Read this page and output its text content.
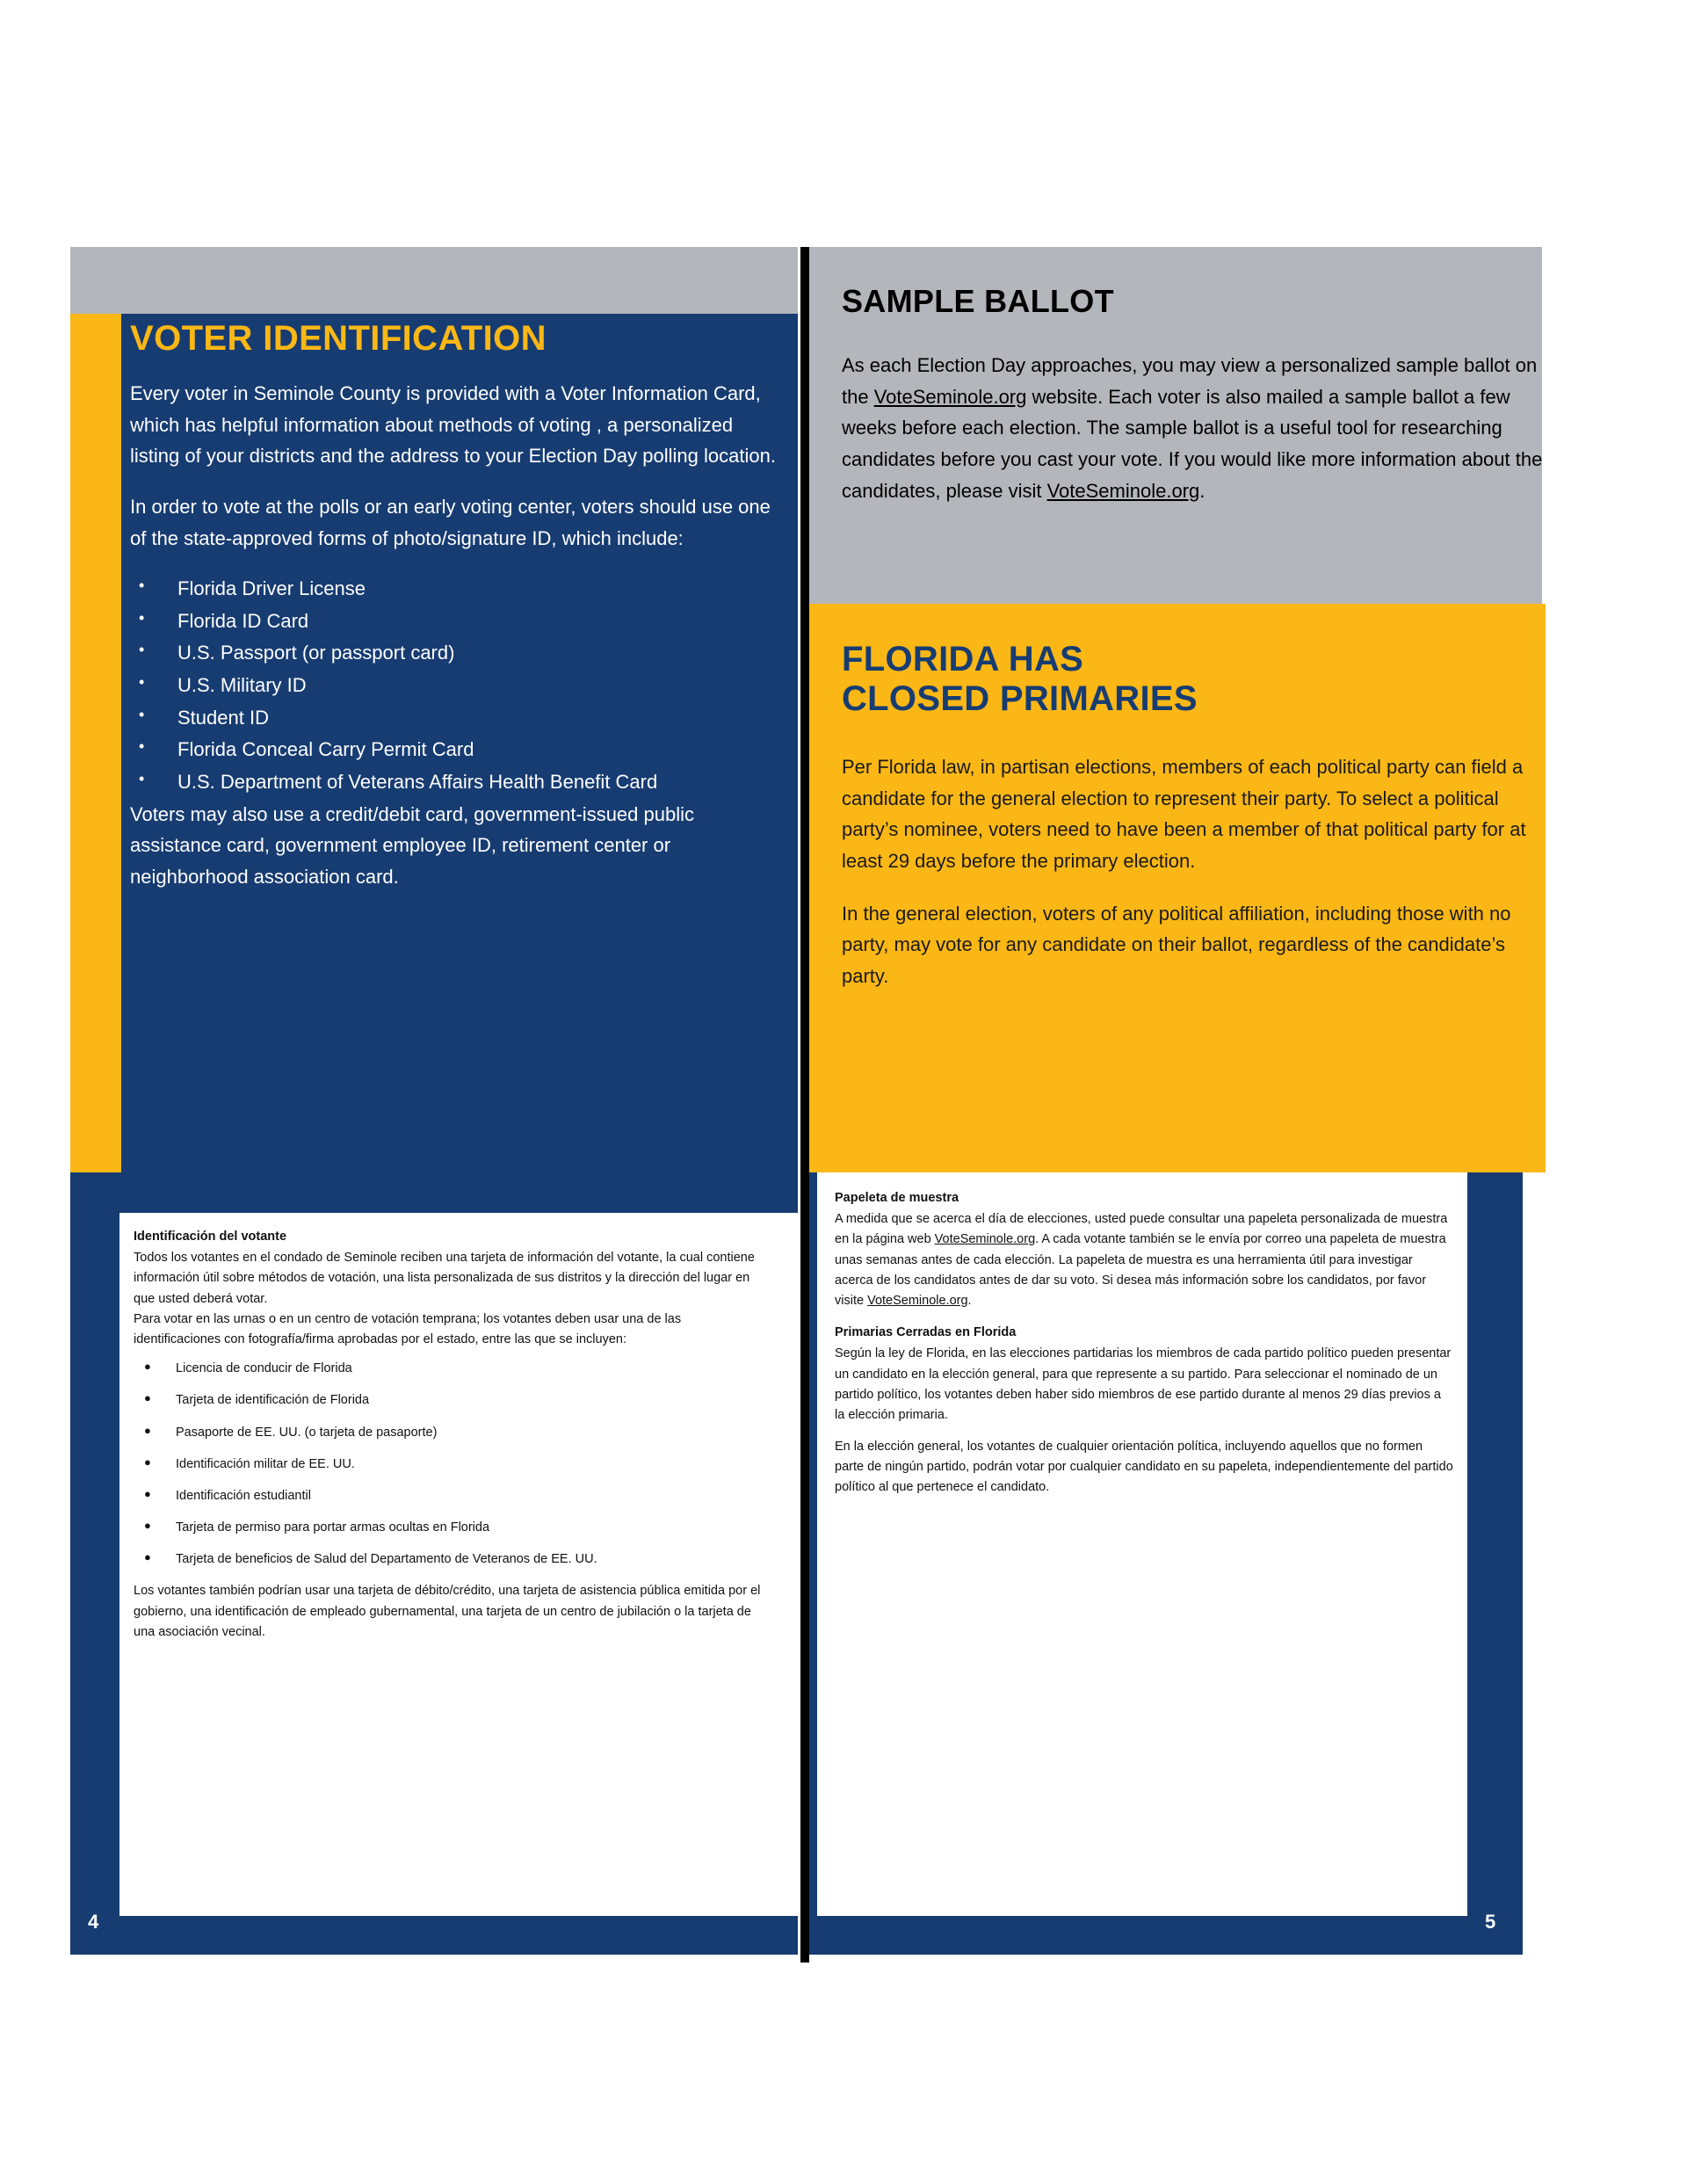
VOTER IDENTIFICATION

Every voter in Seminole County is provided with a Voter Information Card, which has helpful information about methods of voting , a personalized listing of your districts and the address to your Election Day polling location.

In order to vote at the polls or an early voting center, voters should use one of the state-approved forms of photo/signature ID, which include:

• Florida Driver License
• Florida ID Card
• U.S. Passport (or passport card)
• U.S. Military ID
• Student ID
• Florida Conceal Carry Permit Card
• U.S. Department of Veterans Affairs Health Benefit Card

Voters may also use a credit/debit card, government-issued public assistance card, government employee ID, retirement center or neighborhood association card.

Identificación del votante

Todos los votantes en el condado de Seminole reciben una tarjeta de información del votante, la cual contiene información útil sobre métodos de votación, una lista personalizada de sus distritos y la dirección del lugar en que usted deberá votar.

Para votar en las urnas o en un centro de votación temprana; los votantes deben usar una de las identificaciones con fotografía/firma aprobadas por el estado, entre las que se incluyen:

● Licencia de conducir de Florida
● Tarjeta de identificación de Florida
● Pasaporte de EE. UU. (o tarjeta de pasaporte)
● Identificación militar de EE. UU.
● Identificación estudiantil
● Tarjeta de permiso para portar armas ocultas en Florida
● Tarjeta de beneficios de Salud del Departamento de Veteranos de EE. UU.

Los votantes también podrían usar una tarjeta de débito/crédito, una tarjeta de asistencia pública emitida por el gobierno, una identificación de empleado gubernamental, una tarjeta de un centro de jubilación o la tarjeta de una asociación vecinal.

4
SAMPLE BALLOT
As each Election Day approaches, you may view a personalized sample ballot on the VoteSeminole.org website. Each voter is also mailed a sample ballot a few weeks before each election. The sample ballot is a useful tool for researching candidates before you cast your vote. If you would like more information about the candidates, please visit VoteSeminole.org.
FLORIDA HAS
CLOSED PRIMARIES

Per Florida law, in partisan elections, members of each political party can field a candidate for the general election to represent their party. To select a political party’s nominee, voters need to have been a member of that political party for at least 29 days before the primary election.

In the general election, voters of any political affiliation, including those with no party, may vote for any candidate on their ballot, regardless of the candidate’s party.

Papeleta de muestra

A medida que se acerca el día de elecciones, usted puede consultar una papeleta personalizada de muestra en la página web VoteSeminole.org. A cada votante también se le envía por correo una papeleta de muestra unas semanas antes de cada elección. La papeleta de muestra es una herramienta útil para investigar acerca de los candidatos antes de dar su voto. Si desea más información sobre los candidatos, por favor visite VoteSeminole.org.

Primarias Cerradas en Florida

Según la ley de Florida, en las elecciones partidarias los miembros de cada partido político pueden presentar un candidato en la elección general, para que represente a su partido. Para seleccionar el nominado de un partido político, los votantes deben haber sido miembros de ese partido durante al menos 29 días previos a la elección primaria.

En la elección general, los votantes de cualquier orientación política, incluyendo aquellos que no formen parte de ningún partido, podrán votar por cualquier candidato en su papeleta, independientemente del partido político al que pertenece el candidato.

5
